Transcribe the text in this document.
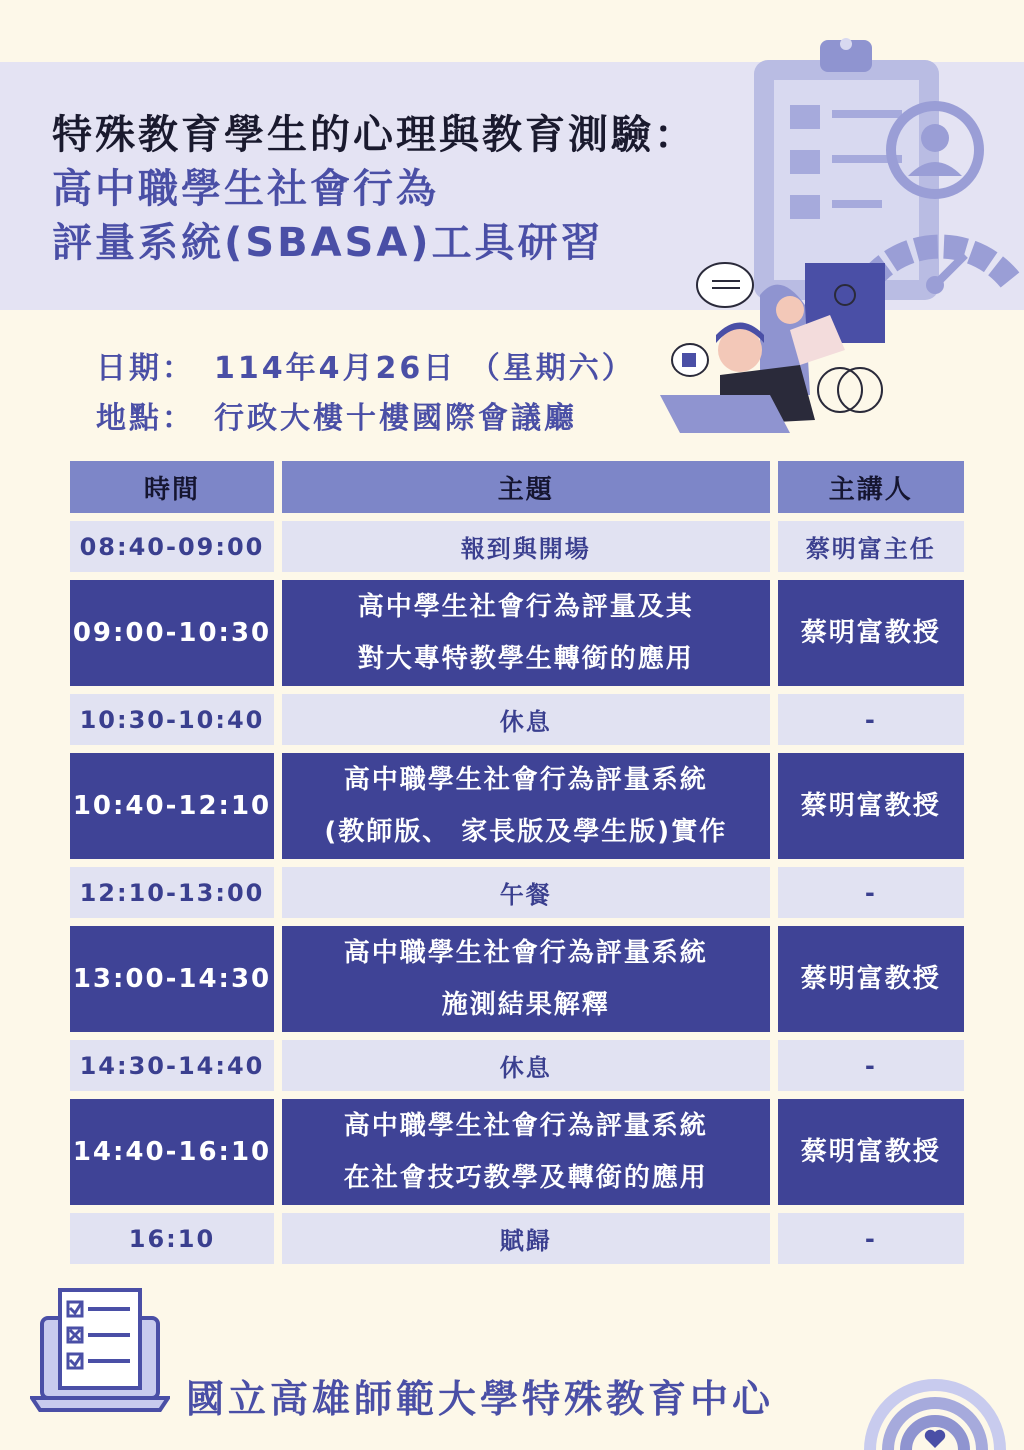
特殊教育學生的心理與教育測驗：
高中職學生社會行為
評量系統(SBASA)工具研習
日期： 114年4月26日 （星期六）
地點： 行政大樓十樓國際會議廳
時間	主題	主講人
08:40-09:00	報到與開場	蔡明富主任
09:00-10:30	高中學生社會行為評量及其
對大專特教學生轉銜的應用	蔡明富教授
10:30-10:40	休息	-
10:40-12:10	高中職學生社會行為評量系統
(教師版、 家長版及學生版)實作	蔡明富教授
12:10-13:00	午餐	-
13:00-14:30	高中職學生社會行為評量系統
施測結果解釋	蔡明富教授
14:30-14:40	休息	-
14:40-16:10	高中職學生社會行為評量系統
在社會技巧教學及轉銜的應用	蔡明富教授
16:10	賦歸	-
國立高雄師範大學特殊教育中心
